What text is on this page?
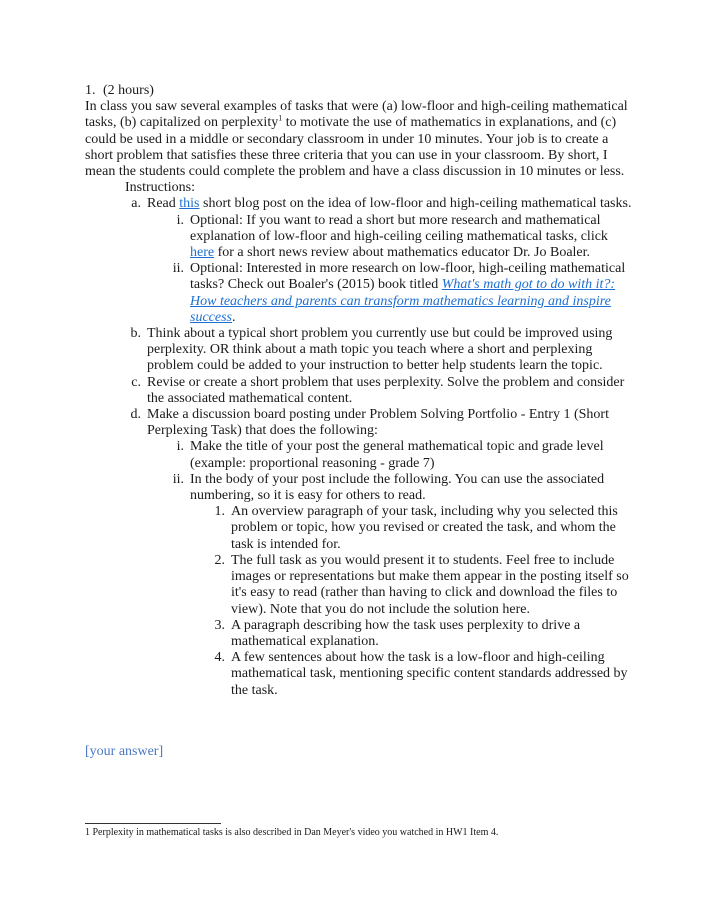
1. (2 hours)

In class you saw several examples of tasks that were (a) low-floor and high-ceiling mathematical tasks, (b) capitalized on perplexity$^1$ to motivate the use of mathematics in explanations, and (c) could be used in a middle or secondary classroom in under 10 minutes. Your job is to create a short problem that satisfies these three criteria that you can use in your classroom. By short, I mean the students could complete the problem and have a class discussion in 10 minutes or less.

Instructions:
a. Read this short blog post on the idea of low-floor and high-ceiling mathematical tasks.
i. Optional: If you want to read a short but more research and mathematical explanation of low-floor and high-ceiling ceiling mathematical tasks, click here for a short news review about mathematics educator Dr. Jo Boaler.
ii. Optional: Interested in more research on low-floor, high-ceiling mathematical tasks? Check out Boaler's (2015) book titled What's math got to do with it?: How teachers and parents can transform mathematics learning and inspire success.
b. Think about a typical short problem you currently use but could be improved using perplexity. OR think about a math topic you teach where a short and perplexing problem could be added to your instruction to better help students learn the topic.
c. Revise or create a short problem that uses perplexity. Solve the problem and consider the associated mathematical content.
d. Make a discussion board posting under Problem Solving Portfolio - Entry 1 (Short Perplexing Task) that does the following:
i. Make the title of your post the general mathematical topic and grade level (example: proportional reasoning - grade 7)
ii. In the body of your post include the following. You can use the associated numbering, so it is easy for others to read.
1. An overview paragraph of your task, including why you selected this problem or topic, how you revised or created the task, and whom the task is intended for.
2. The full task as you would present it to students. Feel free to include images or representations but make them appear in the posting itself so it's easy to read (rather than having to click and download the files to view). Note that you do not include the solution here.
3. A paragraph describing how the task uses perplexity to drive a mathematical explanation.
4. A few sentences about how the task is a low-floor and high-ceiling mathematical task, mentioning specific content standards addressed by the task.
[your answer]
1 Perplexity in mathematical tasks is also described in Dan Meyer's video you watched in HW1 Item 4.
